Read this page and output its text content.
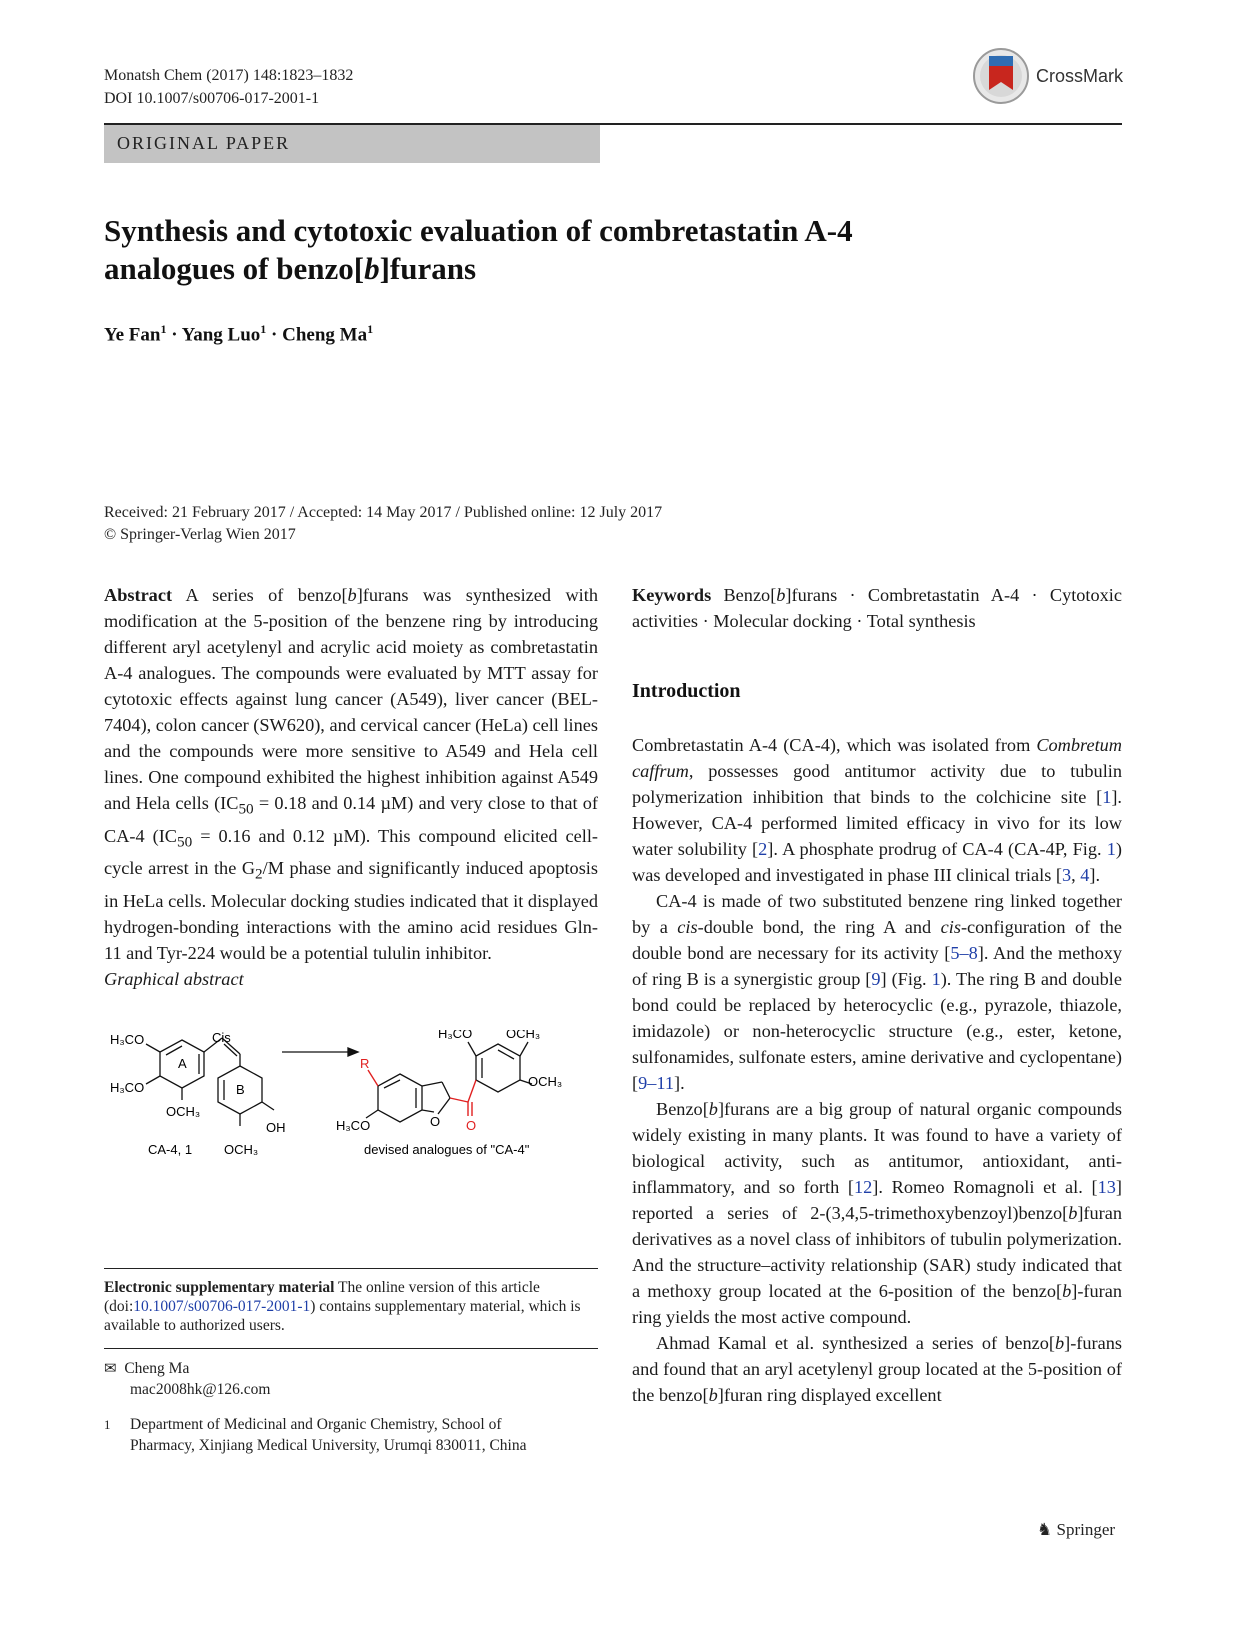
Monatsh Chem (2017) 148:1823–1832
DOI 10.1007/s00706-017-2001-1
CrossMark
ORIGINAL PAPER
Synthesis and cytotoxic evaluation of combretastatin A-4
analogues of benzo[b]furans
Ye Fan$^1$ · Yang Luo$^1$ · Cheng Ma$^1$
Received: 21 February 2017 / Accepted: 14 May 2017 / Published online: 12 July 2017
© Springer-Verlag Wien 2017

Abstract A series of benzo[b]furans was synthesized with modification at the 5-position of the benzene ring by introducing different aryl acetylenyl and acrylic acid moiety as combretastatin A-4 analogues. The compounds were evaluated by MTT assay for cytotoxic effects against lung cancer (A549), liver cancer (BEL-7404), colon cancer (SW620), and cervical cancer (HeLa) cell lines and the compounds were more sensitive to A549 and Hela cell lines. One compound exhibited the highest inhibition against A549 and Hela cells ($IC_{50} = 0.18$ and 0.14 µM) and very close to that of CA-4 ($IC_{50} = 0.16$ and 0.12 µM). This compound elicited cell-cycle arrest in the $G_2/M$ phase and significantly induced apoptosis in HeLa cells. Molecular docking studies indicated that it displayed hydrogen-bonding interactions with the amino acid residues Gln-11 and Tyr-224 would be a potential tululin inhibitor.

Graphical abstract

H₃CO
H₃CO
A
OCH₃
Cis
B
OH
OCH₃
CA-4, 1
H₃CO	OCH₃
OCH₃
R
H₃CO	O O
devised analogues of "CA-4"
Electronic supplementary material The online version of this article (doi:10.1007/s00706-017-2001-1) contains supplementary material, which is available to authorized users.
✉ Cheng Ma
mac2008hk@126.com
1	Department of Medicinal and Organic Chemistry, School of Pharmacy, Xinjiang Medical University, Urumqi 830011, China

Keywords Benzo[b]furans · Combretastatin A-4 · Cytotoxic activities · Molecular docking · Total synthesis

Introduction

Combretastatin A-4 (CA-4), which was isolated from Combretum caffrum, possesses good antitumor activity due to tubulin polymerization inhibition that binds to the colchicine site [1]. However, CA-4 performed limited efficacy in vivo for its low water solubility [2]. A phosphate prodrug of CA-4 (CA-4P, Fig. 1) was developed and investigated in phase III clinical trials [3, 4].

CA-4 is made of two substituted benzene ring linked together by a cis-double bond, the ring A and cis-configuration of the double bond are necessary for its activity [5–8]. And the methoxy of ring B is a synergistic group [9] (Fig. 1). The ring B and double bond could be replaced by heterocyclic (e.g., pyrazole, thiazole, imidazole) or non-heterocyclic structure (e.g., ester, ketone, sulfonamides, sulfonate esters, amine derivative and cyclopentane) [9–11].

Benzo[b]furans are a big group of natural organic compounds widely existing in many plants. It was found to have a variety of biological activity, such as antitumor, antioxidant, anti-inflammatory, and so forth [12]. Romeo Romagnoli et al. [13] reported a series of 2-(3,4,5-trimethoxybenzoyl)benzo[b]furan derivatives as a novel class of inhibitors of tubulin polymerization. And the structure–activity relationship (SAR) study indicated that a methoxy group located at the 6-position of the benzo[b]-furan ring yields the most active compound.

Ahmad Kamal et al. synthesized a series of benzo[b]-furans and found that an aryl acetylenyl group located at the 5-position of the benzo[b]furan ring displayed excellent

♞ Springer
